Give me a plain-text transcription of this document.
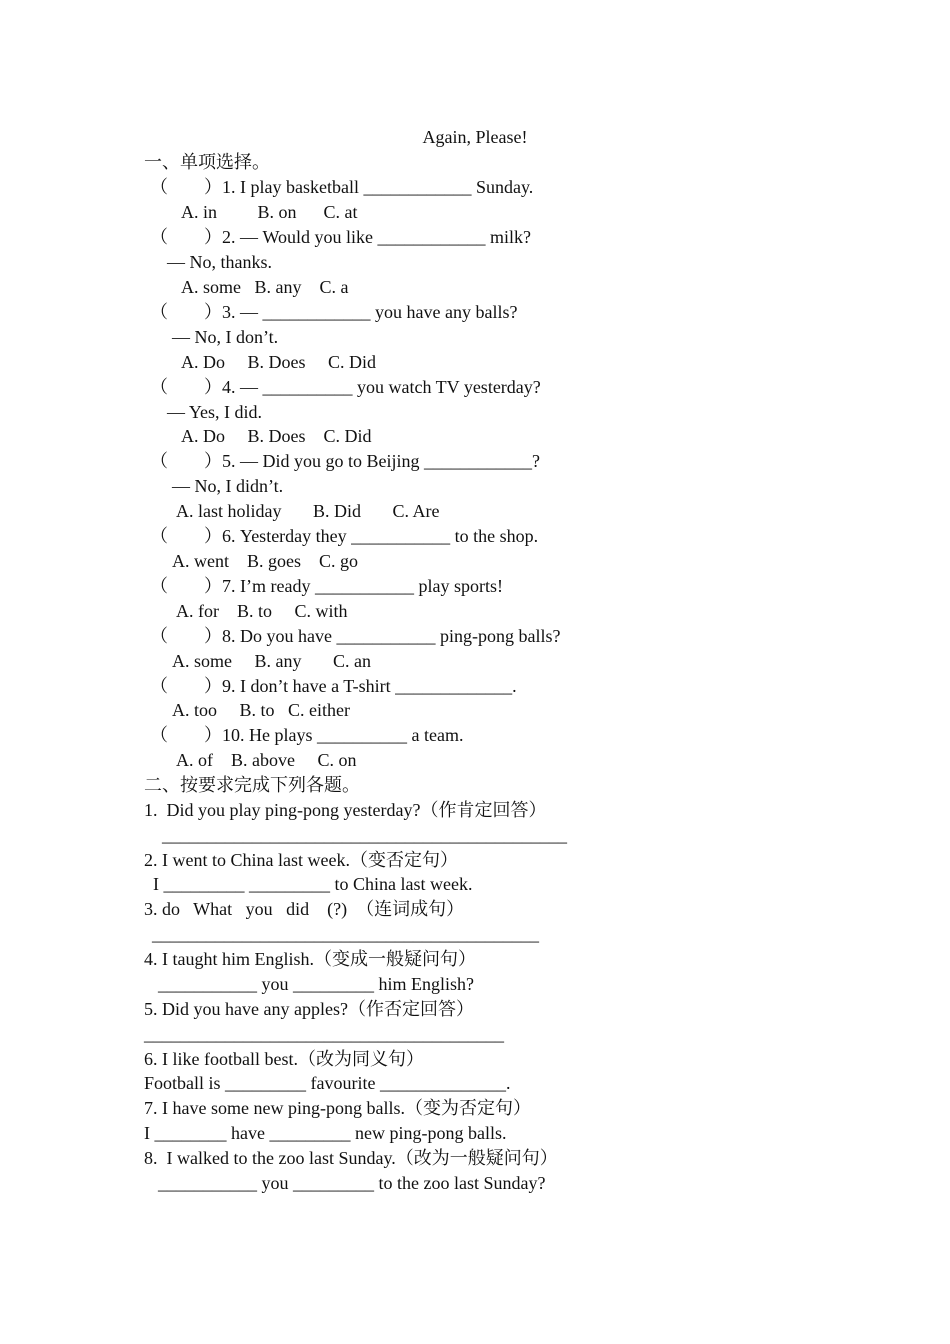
Again, Please!
一、单项选择。
（        ）1. I play basketball ____________ Sunday.
A. in         B. on      C. at
（        ）2. — Would you like ____________ milk?
— No, thanks.
A. some   B. any    C. a
（        ）3. — ____________ you have any balls?
— No, I don’t.
A. Do     B. Does     C. Did
（        ）4. — __________ you watch TV yesterday?
— Yes, I did.
A. Do     B. Does    C. Did
（        ）5. — Did you go to Beijing ____________?
— No, I didn’t.
A. last holiday       B. Did       C. Are
（        ）6. Yesterday they ___________ to the shop.
A. went    B. goes    C. go
（        ）7. I’m ready ___________ play sports!
A. for    B. to     C. with
（        ）8. Do you have ___________ ping-pong balls?
A. some     B. any       C. an
（        ）9. I don’t have a T-shirt _____________.
A. too     B. to   C. either
（        ）10. He plays __________ a team.
A. of    B. above     C. on
二、按要求完成下列各题。
1.  Did you play ping-pong yesterday?（作肯定回答）
_____________________________________________
2. I went to China last week.（变否定句）
I _________ _________ to China last week.
3. do   What   you   did    (?)  （连词成句）
___________________________________________
4. I taught him English.（变成一般疑问句）
___________ you _________ him English?
5. Did you have any apples?（作否定回答）
________________________________________
6. I like football best.（改为同义句）
Football is _________ favourite ______________.
7. I have some new ping-pong balls.（变为否定句）
I ________ have _________ new ping-pong balls.
8.  I walked to the zoo last Sunday.（改为一般疑问句）
___________ you _________ to the zoo last Sunday?
